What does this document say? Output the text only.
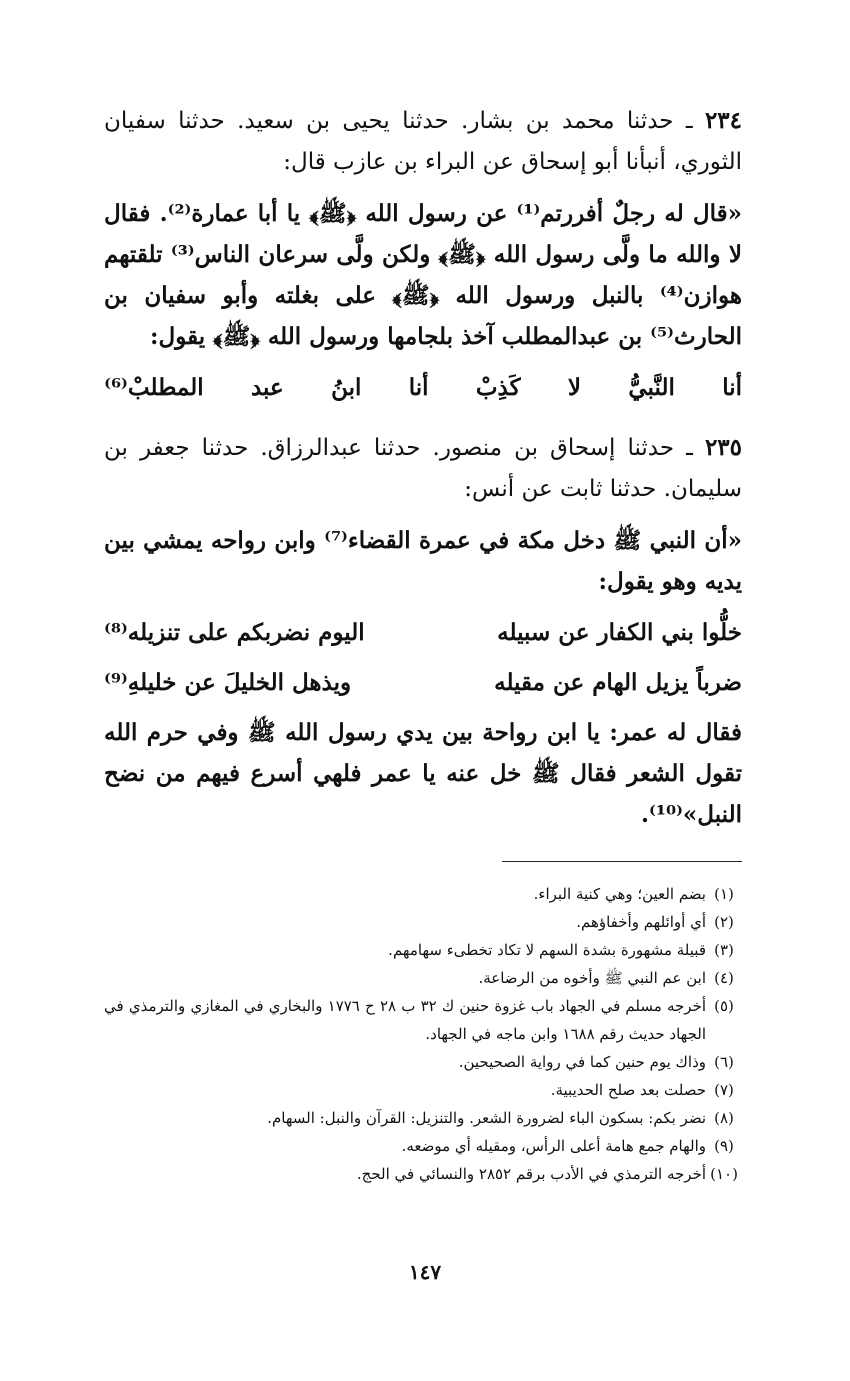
٢٣٤ ـ حدثنا محمد بن بشار. حدثنا يحيى بن سعيد. حدثنا سفيان الثوري، أنبأنا أبو إسحاق عن البراء بن عازب قال:

«قال له رجلٌ أفررتم⁽¹⁾ عن رسول الله ﴿ﷺ﴾ يا أبا عمارة⁽²⁾. فقال لا والله ما ولَّى رسول الله ﴿ﷺ﴾ ولكن ولَّى سرعان الناس⁽³⁾ تلقتهم هوازن⁽⁴⁾ بالنبل ورسول الله ﴿ﷺ﴾ على بغلته وأبو سفيان بن الحارث⁽⁵⁾ بن عبدالمطلب آخذ بلجامها ورسول الله ﴿ﷺ﴾ يقول:

أنا
النَّبيُّ
لا
كَذِبْ
أنا
ابنُ
عبد
المطلبْ⁽⁶⁾

٢٣٥ ـ حدثنا إسحاق بن منصور. حدثنا عبدالرزاق. حدثنا جعفر بن سليمان. حدثنا ثابت عن أنس:

«أن النبي ﷺ دخل مكة في عمرة القضاء⁽⁷⁾ وابن رواحه يمشي بين يديه وهو يقول:

خلُّوا بني الكفار عن سبيله
اليوم نضربكم على تنزيله⁽⁸⁾
ضرباً يزيل الهام عن مقيله
ويذهل الخليلَ عن خليلهِ⁽⁹⁾

فقال له عمر: يا ابن رواحة بين يدي رسول الله ﷺ وفي حرم الله تقول الشعر فقال ﷺ خل عنه يا عمر فلهي أسرع فيهم من نضح النبل»⁽¹⁰⁾.

(١)
بضم العين؛ وهي كنية البراء.
(٢)
أي أوائلهم وأخفاؤهم.
(٣)
قبيلة مشهورة بشدة السهم لا تكاد تخطىء سهامهم.
(٤)
ابن عم النبي ﷺ وأخوه من الرضاعة.
(٥)
أخرجه مسلم في الجهاد باب غزوة حنين ك ٣٢ ب ٢٨ ح ١٧٧٦ والبخاري في المغازي والترمذي في الجهاد حديث رقم ١٦٨٨ وابن ماجه في الجهاد.
(٦)
وذاك يوم حنين كما في رواية الصحيحين.
(٧)
حصلت بعد صلح الحديبية.
(٨)
نضر بكم: بسكون الباء لضرورة الشعر. والتنزيل: القرآن والنبل: السهام.
(٩)
والهام جمع هامة أعلى الرأس، ومقيله أي موضعه.
(١٠)
أخرجه الترمذي في الأدب برقم ٢٨٥٢ والنسائي في الحج.
١٤٧
